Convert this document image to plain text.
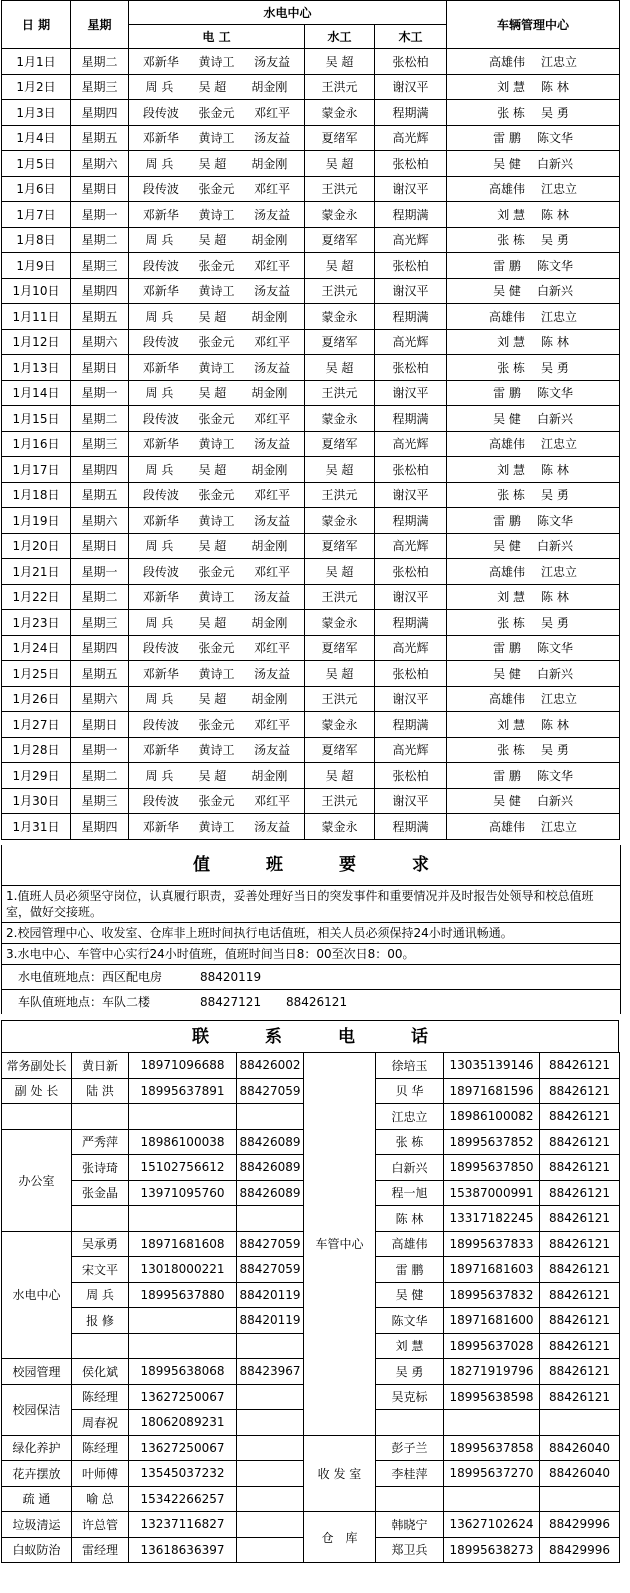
日 期	星期	水电中心			车辆管理中心
		电 工	水工	木工	
1月1日	星期二	邓新华 黄诗工 汤友益	吴 超	张松柏	高雄伟 江忠立

1月2日	星期三	周 兵 吴 超 胡金刚	王洪元	谢汉平	刘 慧 陈 林

1月3日	星期四	段传波 张金元 邓红平	蒙金永	程期满	张 栋 吴 勇

1月4日	星期五	邓新华 黄诗工 汤友益	夏绪军	高光辉	雷 鹏 陈文华

1月5日	星期六	周 兵 吴 超 胡金刚	吴 超	张松柏	吴 健 白新兴

1月6日	星期日	段传波 张金元 邓红平	王洪元	谢汉平	高雄伟 江忠立

1月7日	星期一	邓新华 黄诗工 汤友益	蒙金永	程期满	刘 慧 陈 林

1月8日	星期二	周 兵 吴 超 胡金刚	夏绪军	高光辉	张 栋 吴 勇

1月9日	星期三	段传波 张金元 邓红平	吴 超	张松柏	雷 鹏 陈文华

1月10日	星期四	邓新华 黄诗工 汤友益	王洪元	谢汉平	吴 健 白新兴

1月11日	星期五	周 兵 吴 超 胡金刚	蒙金永	程期满	高雄伟 江忠立

1月12日	星期六	段传波 张金元 邓红平	夏绪军	高光辉	刘 慧 陈 林

1月13日	星期日	邓新华 黄诗工 汤友益	吴 超	张松柏	张 栋 吴 勇

1月14日	星期一	周 兵 吴 超 胡金刚	王洪元	谢汉平	雷 鹏 陈文华

1月15日	星期二	段传波 张金元 邓红平	蒙金永	程期满	吴 健 白新兴

1月16日	星期三	邓新华 黄诗工 汤友益	夏绪军	高光辉	高雄伟 江忠立

1月17日	星期四	周 兵 吴 超 胡金刚	吴 超	张松柏	刘 慧 陈 林

1月18日	星期五	段传波 张金元 邓红平	王洪元	谢汉平	张 栋 吴 勇

1月19日	星期六	邓新华 黄诗工 汤友益	蒙金永	程期满	雷 鹏 陈文华

1月20日	星期日	周 兵 吴 超 胡金刚	夏绪军	高光辉	吴 健 白新兴

1月21日	星期一	段传波 张金元 邓红平	吴 超	张松柏	高雄伟 江忠立

1月22日	星期二	邓新华 黄诗工 汤友益	王洪元	谢汉平	刘 慧 陈 林

1月23日	星期三	周 兵 吴 超 胡金刚	蒙金永	程期满	张 栋 吴 勇

1月24日	星期四	段传波 张金元 邓红平	夏绪军	高光辉	雷 鹏 陈文华

1月25日	星期五	邓新华 黄诗工 汤友益	吴 超	张松柏	吴 健 白新兴

1月26日	星期六	周 兵 吴 超 胡金刚	王洪元	谢汉平	高雄伟 江忠立

1月27日	星期日	段传波 张金元 邓红平	蒙金永	程期满	刘 慧 陈 林

1月28日	星期一	邓新华 黄诗工 汤友益	夏绪军	高光辉	张 栋 吴 勇

1月29日	星期二	周 兵 吴 超 胡金刚	吴 超	张松柏	雷 鹏 陈文华

1月30日	星期三	段传波 张金元 邓红平	王洪元	谢汉平	吴 健 白新兴

1月31日	星期四	邓新华 黄诗工 汤友益	蒙金永	程期满	高雄伟 江忠立
值	班	要	求
1.值班人员必须坚守岗位，认真履行职责，妥善处理好当日的突发事件和重要情况并及时报告处领导和校总值班室，做好交接班。
2.校园管理中心、收发室、仓库非上班时间执行电话值班，相关人员必须保持24小时通讯畅通。
3.水电中心、车管中心实行24小时值班，值班时间当日8：00至次日8：00。
水电值班地点：西区配电房	88420119
车队值班地点：车队二楼	88427121 88426121
联	系	电	话
常务副处长	黄日新	18971096688	88426002	车管中心	徐培玉	13035139146	88426121
副 处 长	陆 洪	18995637891	88427059		贝 华	18971681596	88426121
					江忠立	18986100082	88426121
办公室	严秀萍	18986100038	88426089		张 栋	18995637852	88426121
	张诗琦	15102756612	88426089		白新兴	18995637850	88426121
	张金晶	13971095760	88426089		程一旭	15387000991	88426121
					陈 林	13317182245	88426121
水电中心	吴承勇	18971681608	88427059		高雄伟	18995637833	88426121
	宋文平	13018000221	88427059		雷 鹏	18971681603	88426121
	周 兵	18995637880	88420119		吴 健	18995637832	88426121
	报 修		88420119		陈文华	18971681600	88426121
					刘 慧	18995637028	88426121
校园管理	侯化斌	18995638068	88423967		吴 勇	18271919796	88426121
校园保洁	陈经理	13627250067			吴克标	18995638598	88426121
	周春祝	18062089231					
绿化养护	陈经理	13627250067		收 发 室	彭子兰	18995637858	88426040
花卉摆放	叶师傅	13545037232			李桂萍	18995637270	88426040
疏 通	喻 总	15342266257					
垃圾清运	许总管	13237116827		仓　库	韩晓宁	13627102624	88429996
白蚁防治	雷经理	13618636397			郑卫兵	18995638273	88429996
